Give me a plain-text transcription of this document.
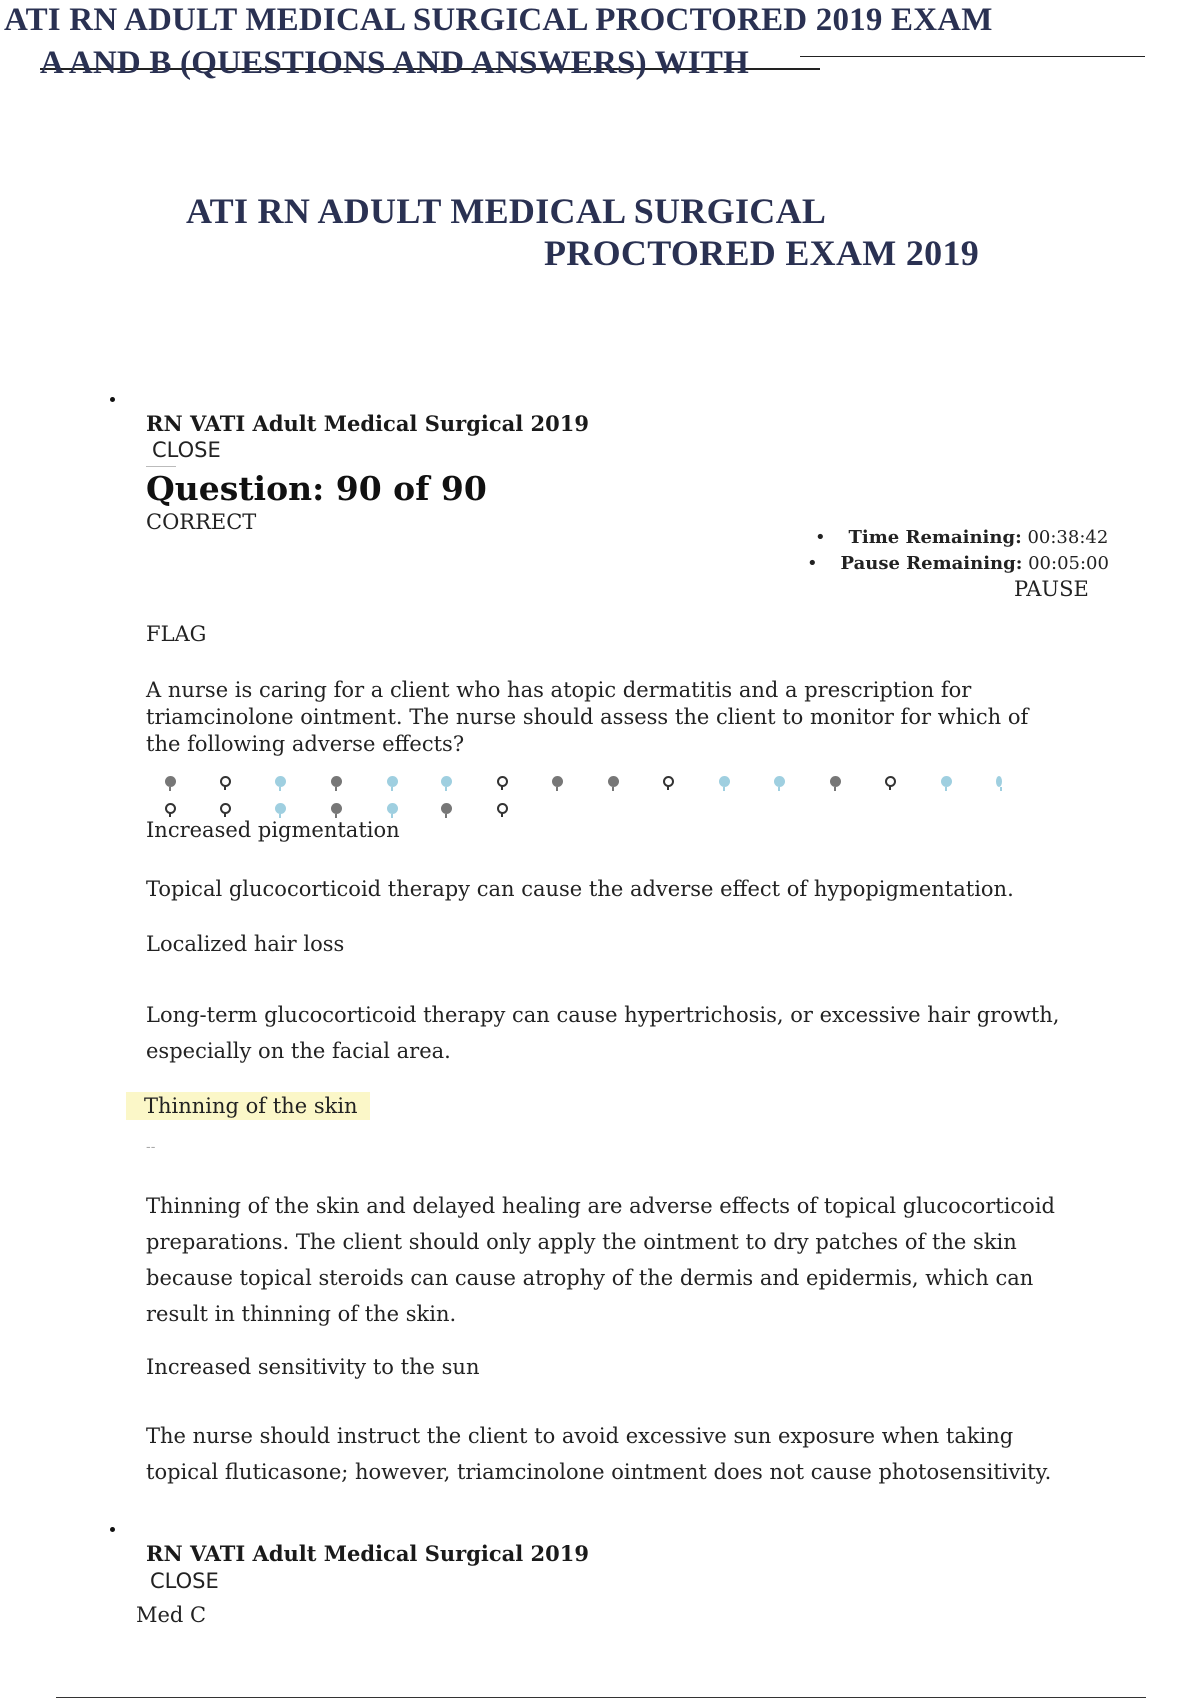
ATI RN ADULT MEDICAL SURGICAL PROCTORED 2019 EXAM
A AND B (QUESTIONS AND ANSWERS) WITH
ATI RN ADULT MEDICAL SURGICAL
PROCTORED EXAM 2019
RN VATI Adult Medical Surgical 2019
CLOSE
Question: 90 of 90
CORRECT
• Time Remaining: 00:38:42
• Pause Remaining: 00:05:00
PAUSE
FLAG
A nurse is caring for a client who has atopic dermatitis and a prescription for triamcinolone ointment. The nurse should assess the client to monitor for which of the following adverse effects?
Increased pigmentation
Topical glucocorticoid therapy can cause the adverse effect of hypopigmentation.
Localized hair loss
Long-term glucocorticoid therapy can cause hypertrichosis, or excessive hair growth, especially on the facial area.
Thinning of the skin
--
Thinning of the skin and delayed healing are adverse effects of topical glucocorticoid preparations. The client should only apply the ointment to dry patches of the skin because topical steroids can cause atrophy of the dermis and epidermis, which can result in thinning of the skin.
Increased sensitivity to the sun
The nurse should instruct the client to avoid excessive sun exposure when taking topical fluticasone; however, triamcinolone ointment does not cause photosensitivity.
RN VATI Adult Medical Surgical 2019
CLOSE
Med C
